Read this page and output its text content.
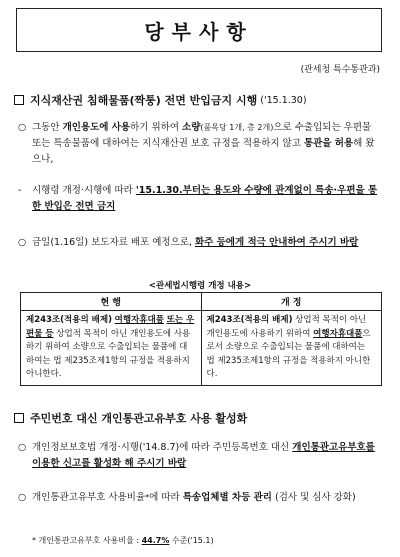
당부사항
(관세청 특수통관과)
지식재산권 침해물품(짝퉁) 전면 반입금지 시행 ('15.1.30)
○ 그동안 개인용도에 사용하기 위하여 소량(품목당 1개, 총 2개)으로 수출입되는 우편물 또는 특송물품에 대하여는 지식재산권 보호 규정을 적용하지 않고 통관을 허용해 왔으나,
- 시행령 개정·시행에 따라 '15.1.30.부터는 용도와 수량에 관계없이 특송·우편을 통한 반입은 전면 금지
○ 금일(1.16일) 보도자료 배포 예정으로, 화주 등에게 적극 안내하여 주시기 바람
<관세법시행령 개정 내용>
현 행	개 정
제243조(적용의 배제) 여행자휴대품 또는 우편물 등 상업적 목적이 아닌 개인용도에 사용하기 위하여 소량으로 수출입되는 물품에 대하여는 법 제235조제1항의 규정을 적용하지 아니한다.	제243조(적용의 배제) 상업적 목적이 아닌 개인용도에 사용하기 위하여 여행자휴대품으로서 소량으로 수출입되는 물품에 대하여는 법 제235조제1항의 규정을 적용하지 아니한다.
주민번호 대신 개인통관고유부호 사용 활성화
○ 개인정보보호법 개정·시행('14.8.7)에 따라 주민등록번호 대신 개인통관고유부호를 이용한 신고를 활성화 해 주시기 바람
○ 개인통관고유부호 사용비율*에 따라 특송업체별 차등 관리 (검사 및 심사 강화)
* 개인통관고유부호 사용비율 : 44.7% 수준('15.1)
